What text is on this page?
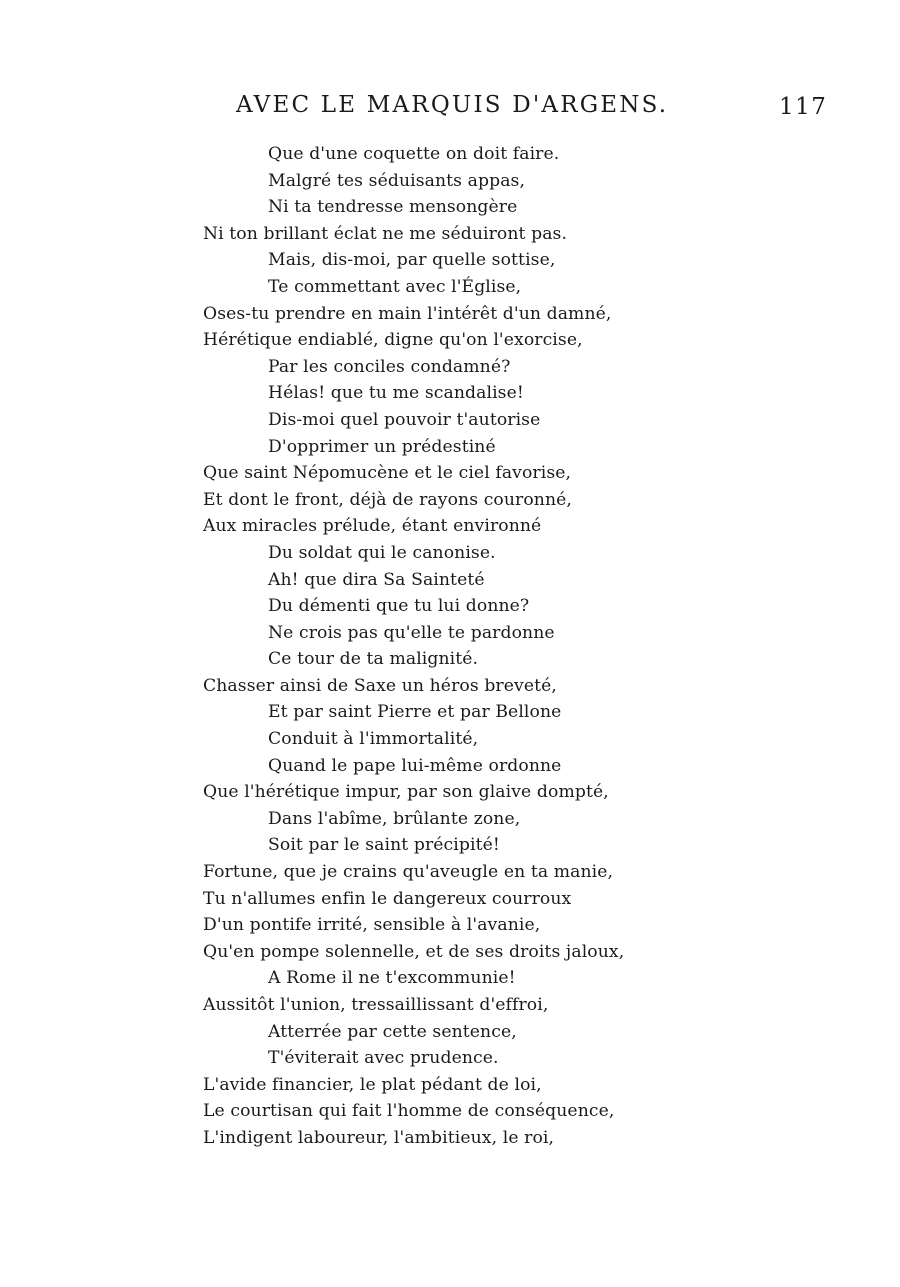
AVEC LE MARQUIS D'ARGENS.	117
Que d'une coquette on doit faire.
Malgré tes séduisants appas,
Ni ta tendresse mensongère
Ni ton brillant éclat ne me séduiront pas.
Mais, dis-moi, par quelle sottise,
Te commettant avec l'Église,
Oses-tu prendre en main l'intérêt d'un damné,
Hérétique endiablé, digne qu'on l'exorcise,
Par les conciles condamné?
Hélas! que tu me scandalise!
Dis-moi quel pouvoir t'autorise
D'opprimer un prédestiné
Que saint Népomucène et le ciel favorise,
Et dont le front, déjà de rayons couronné,
Aux miracles prélude, étant environné
Du soldat qui le canonise.
Ah! que dira Sa Sainteté
Du démenti que tu lui donne?
Ne crois pas qu'elle te pardonne
Ce tour de ta malignité.
Chasser ainsi de Saxe un héros breveté,
Et par saint Pierre et par Bellone
Conduit à l'immortalité,
Quand le pape lui-même ordonne
Que l'hérétique impur, par son glaive dompté,
Dans l'abîme, brûlante zone,
Soit par le saint précipité!
Fortune, que je crains qu'aveugle en ta manie,
Tu n'allumes enfin le dangereux courroux
D'un pontife irrité, sensible à l'avanie,
Qu'en pompe solennelle, et de ses droits jaloux,
A Rome il ne t'excommunie!
Aussitôt l'union, tressaillissant d'effroi,
Atterrée par cette sentence,
T'éviterait avec prudence.
L'avide financier, le plat pédant de loi,
Le courtisan qui fait l'homme de conséquence,
L'indigent laboureur, l'ambitieux, le roi,
